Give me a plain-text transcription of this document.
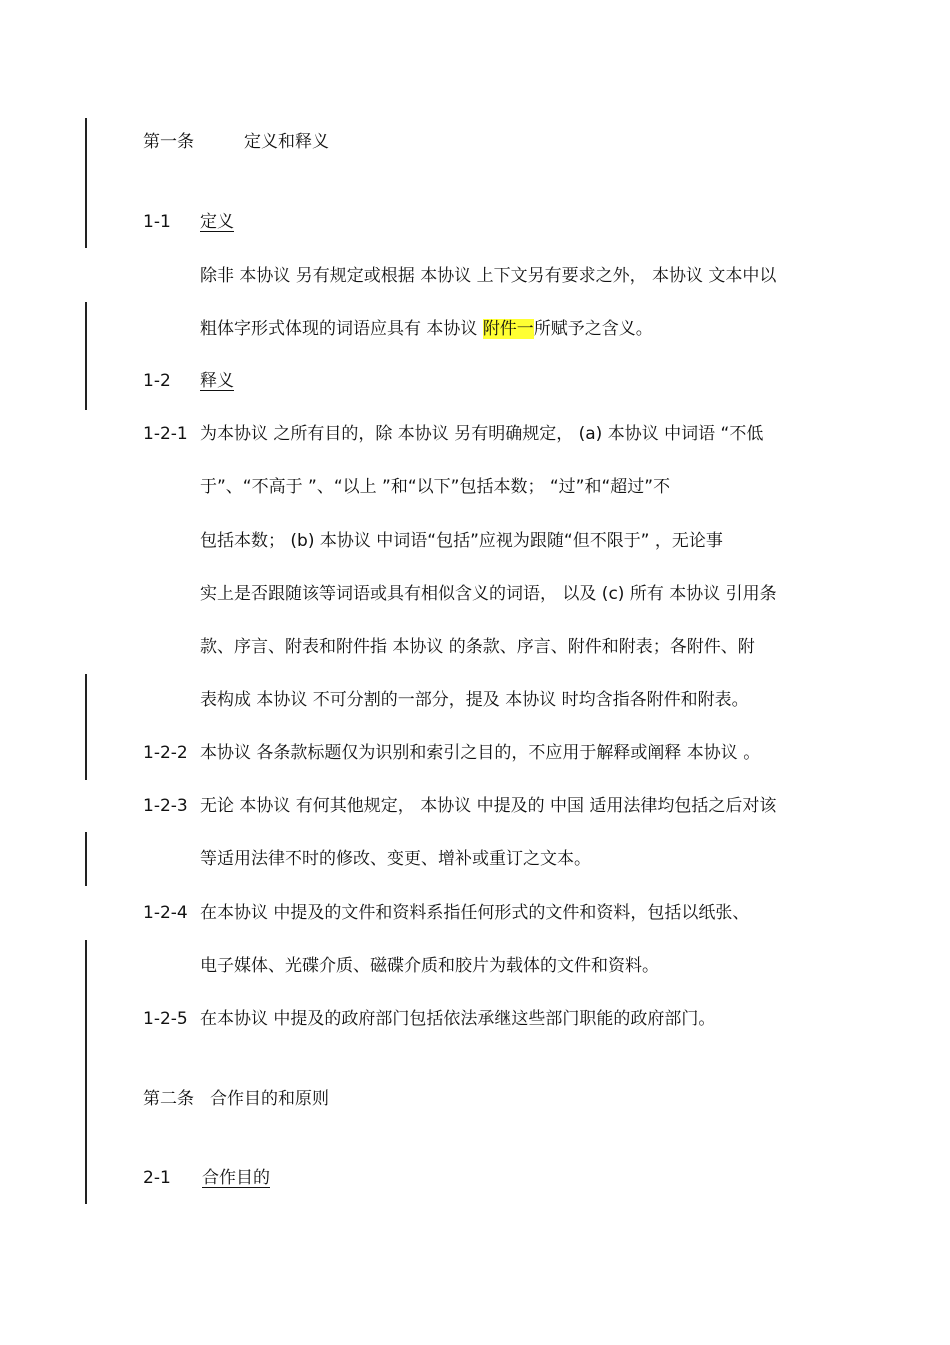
第一条	定义和释义
1-1 定义
除非 本协议 另有规定或根据 本协议 上下文另有要求之外， 本协议 文本中以
粗体字形式体现的词语应具有 本协议 附件一所赋予之含义。
1-2 释义
1-2-1 为本协议 之所有目的，除 本协议 另有明确规定， (a) 本协议 中词语 “不低
于”、“不高于 ”、“以上 ”和“以下”包括本数； “过”和“超过”不
包括本数； (b) 本协议 中词语“包括”应视为跟随“但不限于” ，无论事
实上是否跟随该等词语或具有相似含义的词语， 以及 (c) 所有 本协议 引用条
款、序言、附表和附件指 本协议 的条款、序言、附件和附表；各附件、附
表构成 本协议 不可分割的一部分，提及 本协议 时均含指各附件和附表。
1-2-2 本协议 各条款标题仅为识别和索引之目的，不应用于解释或阐释 本协议 。
1-2-3 无论 本协议 有何其他规定， 本协议 中提及的 中国 适用法律均包括之后对该
等适用法律不时的修改、变更、增补或重订之文本。
1-2-4 在本协议 中提及的文件和资料系指任何形式的文件和资料，包括以纸张、
电子媒体、光碟介质、磁碟介质和胶片为载体的文件和资料。
1-2-5 在本协议 中提及的政府部门包括依法承继这些部门职能的政府部门。
第二条 合作目的和原则
2-1 合作目的
